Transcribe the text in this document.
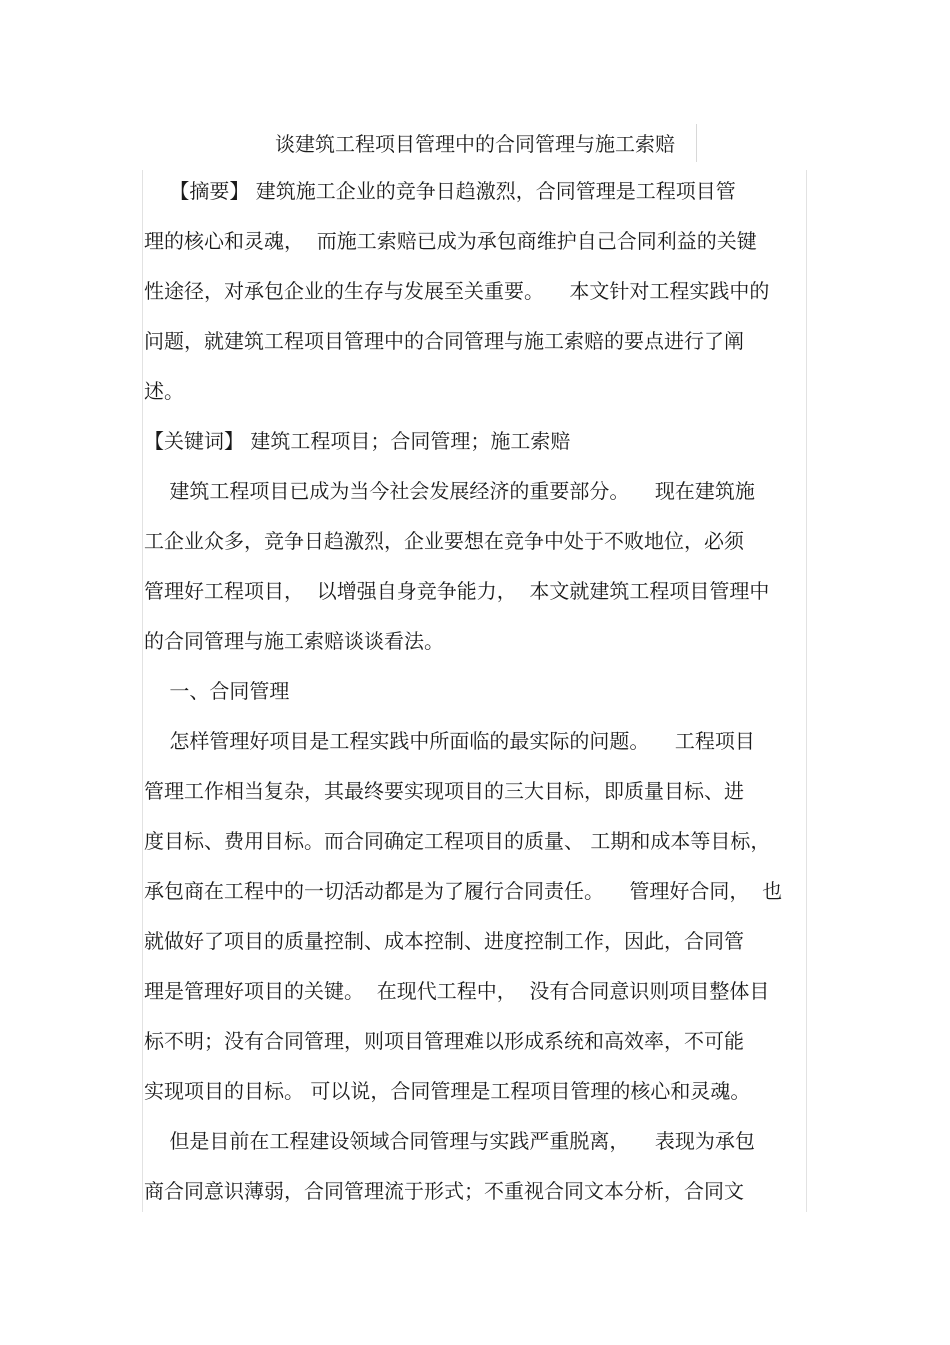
谈建筑工程项目管理中的合同管理与施工索赔
【摘要】 建筑施工企业的竞争日趋激烈，合同管理是工程项目管
理的核心和灵魂，  而施工索赔已成为承包商维护自己合同利益的关键
性途径，对承包企业的生存与发展至关重要。    本文针对工程实践中的
问题，就建筑工程项目管理中的合同管理与施工索赔的要点进行了阐
述。
【关键词】 建筑工程项目；合同管理；施工索赔
建筑工程项目已成为当今社会发展经济的重要部分。    现在建筑施
工企业众多，竞争日趋激烈，企业要想在竞争中处于不败地位，必须
管理好工程项目，  以增强自身竞争能力，  本文就建筑工程项目管理中
的合同管理与施工索赔谈谈看法。
一、合同管理
怎样管理好项目是工程实践中所面临的最实际的问题。    工程项目
管理工作相当复杂，其最终要实现项目的三大目标，即质量目标、进
度目标、费用目标。而合同确定工程项目的质量、 工期和成本等目标，
承包商在工程中的一切活动都是为了履行合同责任。    管理好合同，  也
就做好了项目的质量控制、成本控制、进度控制工作，因此，合同管
理是管理好项目的关键。  在现代工程中，  没有合同意识则项目整体目
标不明；没有合同管理，则项目管理难以形成系统和高效率，不可能
实现项目的目标。 可以说，合同管理是工程项目管理的核心和灵魂。
但是目前在工程建设领域合同管理与实践严重脱离，    表现为承包
商合同意识薄弱，合同管理流于形式；不重视合同文本分析，合同文
